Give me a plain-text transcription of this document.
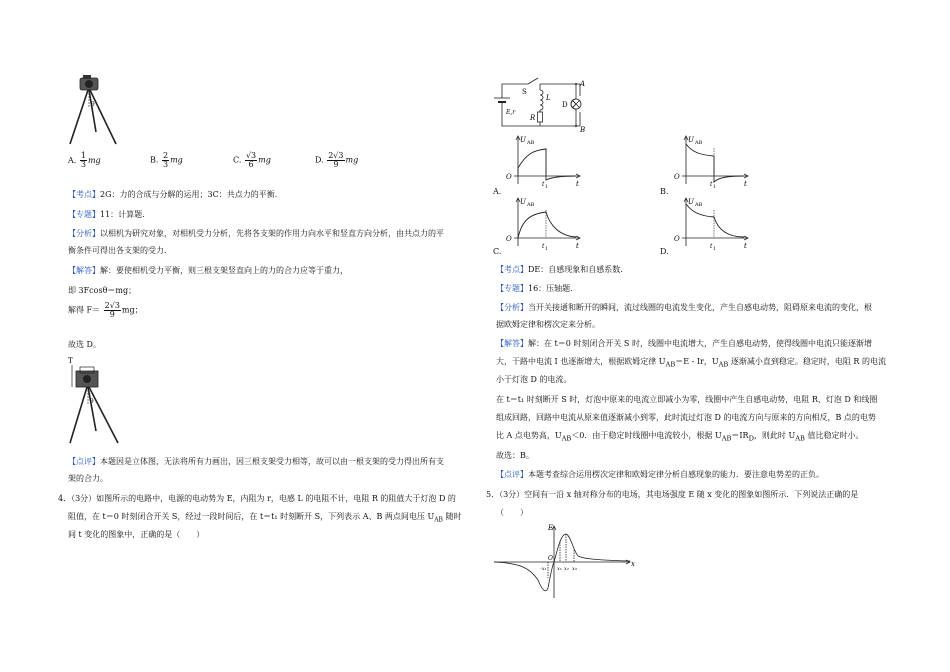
θ
A. $\frac{1}{3}$ mg	B. $\frac{2}{3}$ mg	C. $\frac{√3}{6}$ mg	D. $\frac{2√3}{9}$ mg
【考点】2G：力的合成与分解的运用；3C：共点力的平衡.
【专题】11：计算题.
【分析】以相机为研究对象，对相机受力分析，先将各支架的作用力向水平和竖直方向分析，由共点力的平
衡条件可得出各支架的受力.
【解答】解：要使相机受力平衡，则三根支架竖直向上的力的合力应等于重力，
即 3Fcosθ＝mg；
解得 $F= \frac{2√3}{9}$ mg；
故选 D。
T
θ
【点评】本题因是立体图，无法将所有力画出，因三根支架受力相等，故可以由一根支架的受力得出所有支
架的合力。
4．（3分）如图所示的电路中，电源的电动势为 E，内阻为 r，电感 L 的电阻不计，电阻 R 的阻值大于灯泡 D 的
阻值，在 t＝0 时刻闭合开关 S，经过一段时间后，在 t＝t₁ 时刻断开 S，下列表示 A、B 两点间电压 $U_{AB}$ 随时
间 t 变化的图象中，正确的是（　　）
A
B
S
L
D
R
E,r
U AB
O
t
t 1
U AB
O
t
t 1
U AB
O
t
t 1
U AB
O
t
t 1
A.	B.
C.	D.
【考点】DE：自感现象和自感系数.
【专题】16：压轴题.
【分析】当开关接通和断开的瞬间，流过线圈的电流发生变化，产生自感电动势，阻碍原来电流的变化，根
据欧姆定律和楞次定来分析。
【解答】解：在 t＝0 时刻闭合开关 S 时，线圈中电流增大，产生自感电动势，使得线圈中电流只能逐渐增
大，干路中电流 I 也逐渐增大，根据欧姆定律 $U_{AB}=E - Ir$，$U_{AB}$ 逐渐减小直到稳定。稳定时，电阻 R 的电流
小于灯泡 D 的电流。
在 t＝t₁ 时刻断开 S 时，灯泡中原来的电流立即减小为零，线圈中产生自感电动势，电阻 R、灯泡 D 和线圈
组成回路，回路中电流从原来值逐渐减小到零，此时流过灯泡 D 的电流方向与原来的方向相反，B 点的电势
比 A 点电势高，$U_{AB}<0$．由于稳定时线圈中电流较小，根据 $U_{AB}=IR_D$，则此时 $U_{AB}$ 值比稳定时小。
故选：B。
【点评】本题考查综合运用楞次定律和欧姆定律分析自感现象的能力．要注意电势差的正负。
5．（3分）空间有一沿 x 轴对称分布的电场，其电场强度 E 随 x 变化的图象如图所示．下列说法正确的是
（　　）
E
O
x
-x₁ x₁ x₂ x₃
